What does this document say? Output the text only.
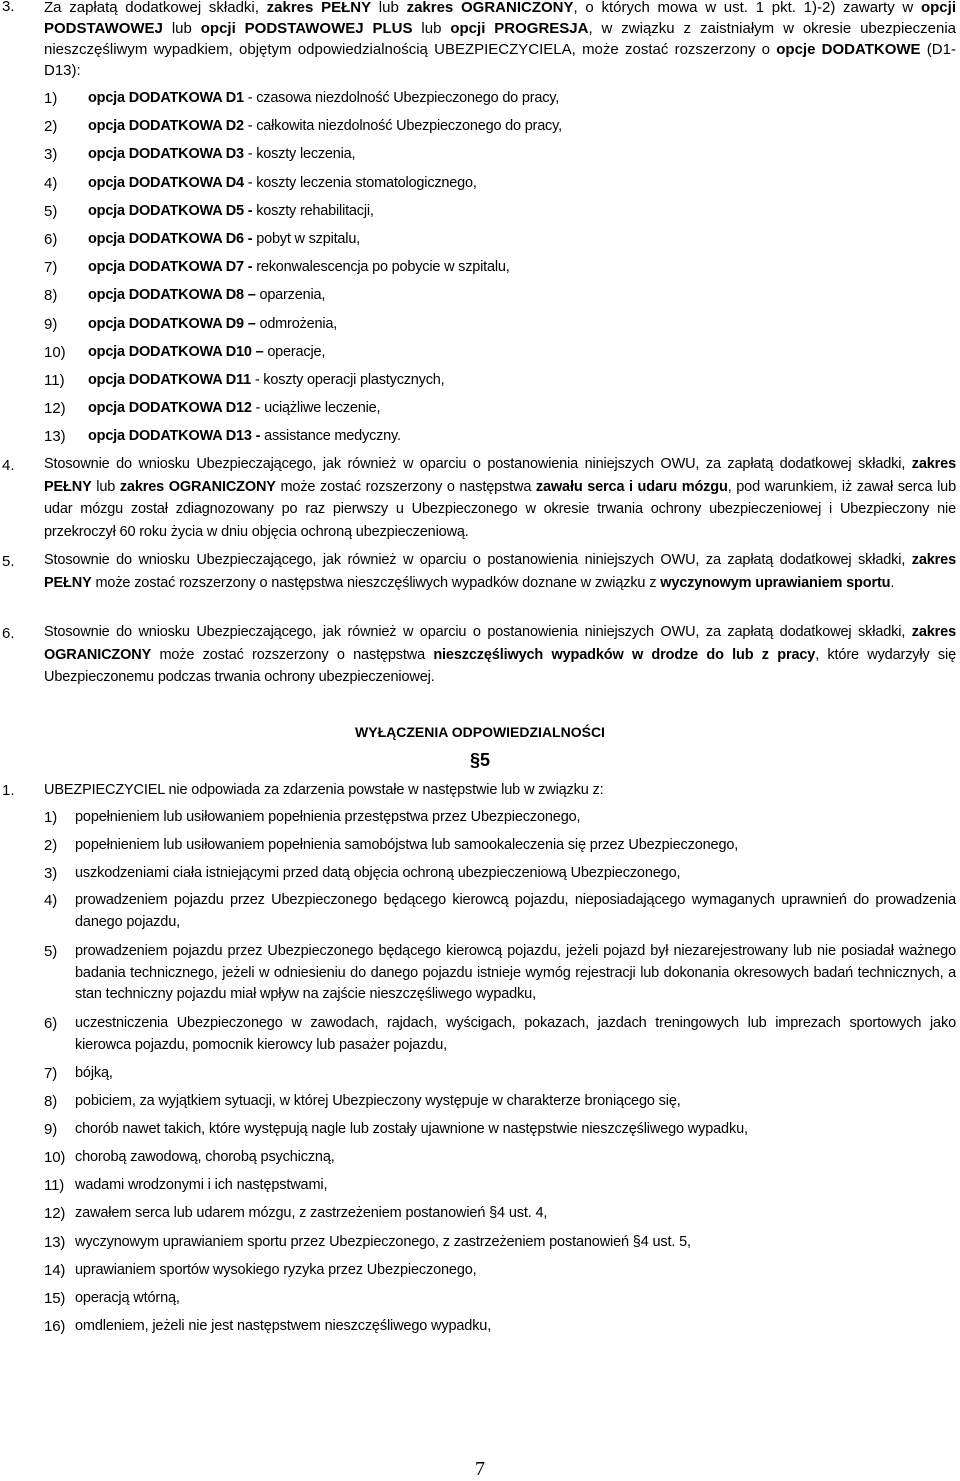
3. Za zapłatą dodatkowej składki, zakres PEŁNY lub zakres OGRANICZONY, o których mowa w ust. 1 pkt. 1)-2) zawarty w opcji PODSTAWOWEJ lub opcji PODSTAWOWEJ PLUS lub opcji PROGRESJA, w związku z zaistniałym w okresie ubezpieczenia nieszczęśliwym wypadkiem, objętym odpowiedzialnością UBEZPIECZYCIELA, może zostać rozszerzony o opcje DODATKOWE (D1-D13):
1) opcja DODATKOWA D1 - czasowa niezdolność Ubezpieczonego do pracy,
2) opcja DODATKOWA D2 - całkowita niezdolność Ubezpieczonego do pracy,
3) opcja DODATKOWA D3 - koszty leczenia,
4) opcja DODATKOWA D4 - koszty leczenia stomatologicznego,
5) opcja DODATKOWA D5 - koszty rehabilitacji,
6) opcja DODATKOWA D6 - pobyt w szpitalu,
7) opcja DODATKOWA D7 - rekonwalescencja po pobycie w szpitalu,
8) opcja DODATKOWA D8 – oparzenia,
9) opcja DODATKOWA D9 – odmrożenia,
10) opcja DODATKOWA D10 – operacje,
11) opcja DODATKOWA D11 - koszty operacji plastycznych,
12) opcja DODATKOWA D12 - uciążliwe leczenie,
13) opcja DODATKOWA D13 - assistance medyczny.
4. Stosownie do wniosku Ubezpieczającego, jak również w oparciu o postanowienia niniejszych OWU, za zapłatą dodatkowej składki, zakres PEŁNY lub zakres OGRANICZONY może zostać rozszerzony o następstwa zawału serca i udaru mózgu, pod warunkiem, iż zawał serca lub udar mózgu został zdiagnozowany po raz pierwszy u Ubezpieczonego w okresie trwania ochrony ubezpieczeniowej i Ubezpieczony nie przekroczył 60 roku życia w dniu objęcia ochroną ubezpieczeniową.
5. Stosownie do wniosku Ubezpieczającego, jak również w oparciu o postanowienia niniejszych OWU, za zapłatą dodatkowej składki, zakres PEŁNY może zostać rozszerzony o następstwa nieszczęśliwych wypadków doznane w związku z wyczynowym uprawianiem sportu.
6. Stosownie do wniosku Ubezpieczającego, jak również w oparciu o postanowienia niniejszych OWU, za zapłatą dodatkowej składki, zakres OGRANICZONY może zostać rozszerzony o następstwa nieszczęśliwych wypadków w drodze do lub z pracy, które wydarzyły się Ubezpieczonemu podczas trwania ochrony ubezpieczeniowej.
WYŁĄCZENIA ODPOWIEDZIALNOŚCI
§5
1. UBEZPIECZYCIEL nie odpowiada za zdarzenia powstałe w następstwie lub w związku z:
1) popełnieniem lub usiłowaniem popełnienia przestępstwa przez Ubezpieczonego,
2) popełnieniem lub usiłowaniem popełnienia samobójstwa lub samookaleczenia się przez Ubezpieczonego,
3) uszkodzeniami ciała istniejącymi przed datą objęcia ochroną ubezpieczeniową Ubezpieczonego,
4) prowadzeniem pojazdu przez Ubezpieczonego będącego kierowcą pojazdu, nieposiadającego wymaganych uprawnień do prowadzenia danego pojazdu,
5) prowadzeniem pojazdu przez Ubezpieczonego będącego kierowcą pojazdu, jeżeli pojazd był niezarejestrowany lub nie posiadał ważnego badania technicznego, jeżeli w odniesieniu do danego pojazdu istnieje wymóg rejestracji lub dokonania okresowych badań technicznych, a stan techniczny pojazdu miał wpływ na zajście nieszczęśliwego wypadku,
6) uczestniczenia Ubezpieczonego w zawodach, rajdach, wyścigach, pokazach, jazdach treningowych lub imprezach sportowych jako kierowca pojazdu, pomocnik kierowcy lub pasażer pojazdu,
7) bójką,
8) pobiciem, za wyjątkiem sytuacji, w której Ubezpieczony występuje w charakterze broniącego się,
9) chorób nawet takich, które występują nagle lub zostały ujawnione w następstwie nieszczęśliwego wypadku,
10) chorobą zawodową, chorobą psychiczną,
11) wadami wrodzonymi i ich następstwami,
12) zawałem serca lub udarem mózgu, z zastrzeżeniem postanowień §4 ust. 4,
13) wyczynowym uprawianiem sportu przez Ubezpieczonego, z zastrzeżeniem postanowień §4 ust. 5,
14) uprawianiem sportów wysokiego ryzyka przez Ubezpieczonego,
15) operacją wtórną,
16) omdleniem, jeżeli nie jest następstwem nieszczęśliwego wypadku,
7
